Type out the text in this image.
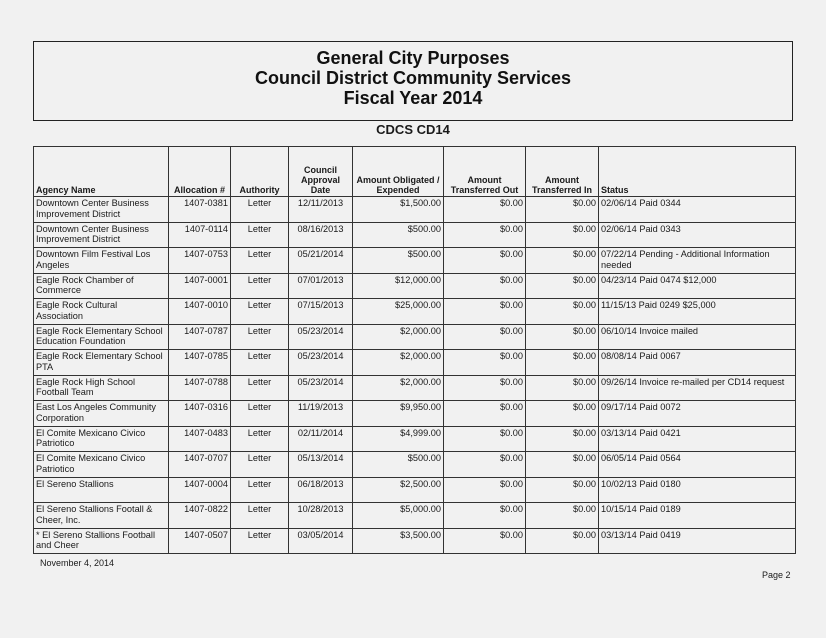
General City Purposes
Council District Community Services
Fiscal Year 2014
CDCS CD14
Agency Name	Allocation #	Authority	Council Approval Date	Amount Obligated / Expended	Amount Transferred Out	Amount Transferred In	Status
Downtown Center Business Improvement District	1407-0381	Letter	12/11/2013	$1,500.00	$0.00	$0.00	02/06/14 Paid 0344
Downtown Center Business Improvement District	1407-0114	Letter	08/16/2013	$500.00	$0.00	$0.00	02/06/14 Paid 0343
Downtown Film Festival Los Angeles	1407-0753	Letter	05/21/2014	$500.00	$0.00	$0.00	07/22/14 Pending - Additional Information needed
Eagle Rock Chamber of Commerce	1407-0001	Letter	07/01/2013	$12,000.00	$0.00	$0.00	04/23/14 Paid 0474 $12,000
Eagle Rock Cultural Association	1407-0010	Letter	07/15/2013	$25,000.00	$0.00	$0.00	11/15/13 Paid 0249 $25,000
Eagle Rock Elementary School Education Foundation	1407-0787	Letter	05/23/2014	$2,000.00	$0.00	$0.00	06/10/14 Invoice mailed
Eagle Rock Elementary School PTA	1407-0785	Letter	05/23/2014	$2,000.00	$0.00	$0.00	08/08/14 Paid 0067
Eagle Rock High School Football Team	1407-0788	Letter	05/23/2014	$2,000.00	$0.00	$0.00	09/26/14 Invoice re-mailed per CD14 request
East Los Angeles Community Corporation	1407-0316	Letter	11/19/2013	$9,950.00	$0.00	$0.00	09/17/14 Paid 0072
El Comite Mexicano Civico Patriotico	1407-0483	Letter	02/11/2014	$4,999.00	$0.00	$0.00	03/13/14 Paid 0421
El Comite Mexicano Civico Patriotico	1407-0707	Letter	05/13/2014	$500.00	$0.00	$0.00	06/05/14 Paid 0564
El Sereno Stallions	1407-0004	Letter	06/18/2013	$2,500.00	$0.00	$0.00	10/02/13 Paid 0180
El Sereno Stallions Footall & Cheer, Inc.	1407-0822	Letter	10/28/2013	$5,000.00	$0.00	$0.00	10/15/14 Paid 0189
* El Sereno Stallions Football and Cheer	1407-0507	Letter	03/05/2014	$3,500.00	$0.00	$0.00	03/13/14 Paid 0419
November 4, 2014
Page 2
